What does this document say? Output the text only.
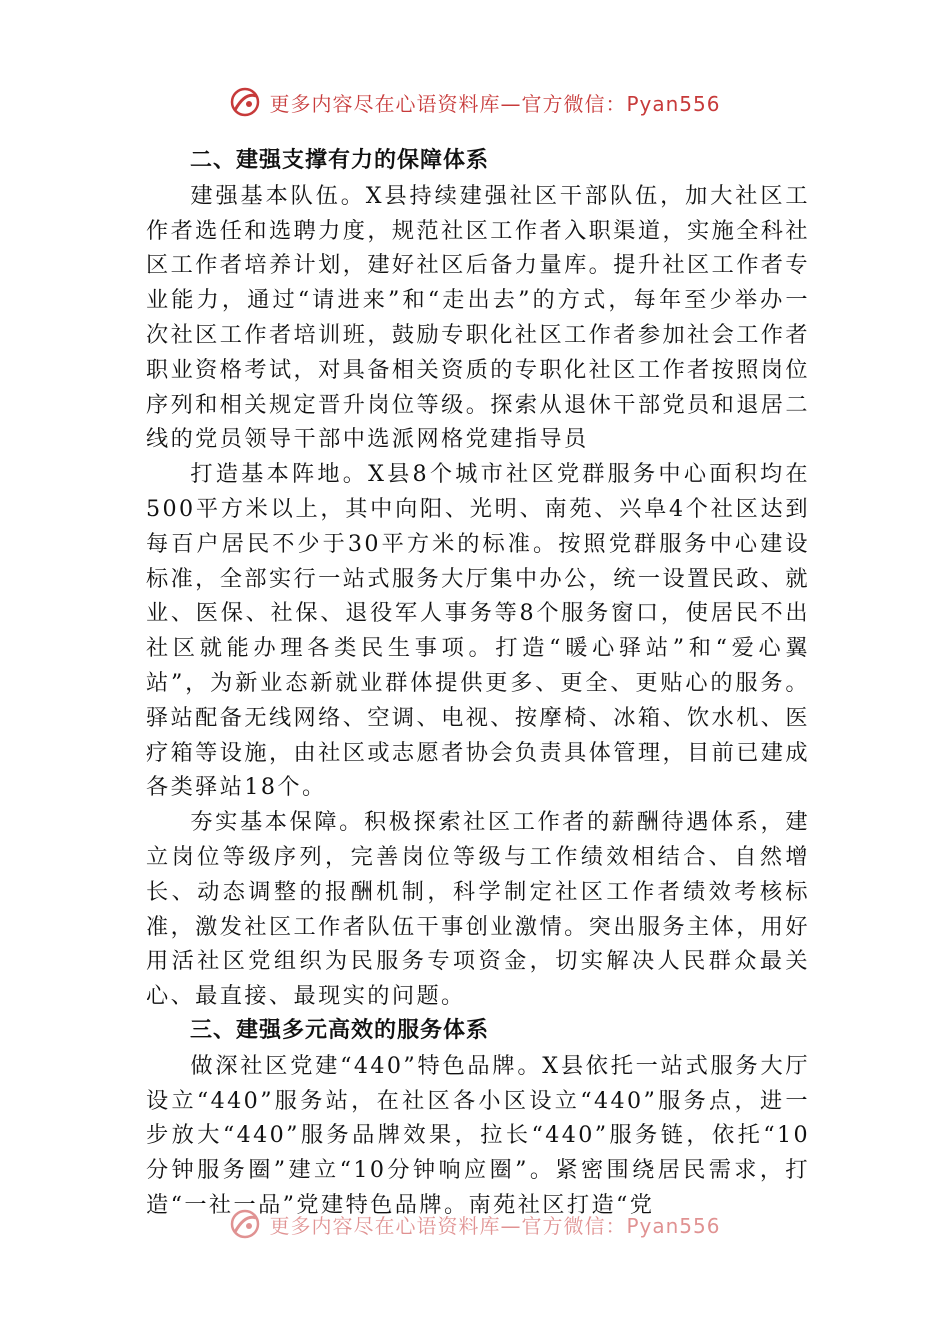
更多内容尽在心语资料库—官方微信：Pyan556
二、建强支撑有力的保障体系

建强基本队伍。X县持续建强社区干部队伍，加大社区工作者选任和选聘力度，规范社区工作者入职渠道，实施全科社区工作者培养计划，建好社区后备力量库。提升社区工作者专业能力，通过“请进来”和“走出去”的方式，每年至少举办一次社区工作者培训班，鼓励专职化社区工作者参加社会工作者职业资格考试，对具备相关资质的专职化社区工作者按照岗位序列和相关规定晋升岗位等级。探索从退休干部党员和退居二线的党员领导干部中选派网格党建指导员

打造基本阵地。X县8个城市社区党群服务中心面积均在500平方米以上，其中向阳、光明、南苑、兴阜4个社区达到每百户居民不少于30平方米的标准。按照党群服务中心建设标准，全部实行一站式服务大厅集中办公，统一设置民政、就业、医保、社保、退役军人事务等8个服务窗口，使居民不出社区就能办理各类民生事项。打造“暖心驿站”和“爱心翼站”，为新业态新就业群体提供更多、更全、更贴心的服务。驿站配备无线网络、空调、电视、按摩椅、冰箱、饮水机、医疗箱等设施，由社区或志愿者协会负责具体管理，目前已建成各类驿站18个。

夯实基本保障。积极探索社区工作者的薪酬待遇体系，建立岗位等级序列，完善岗位等级与工作绩效相结合、自然增长、动态调整的报酬机制，科学制定社区工作者绩效考核标准，激发社区工作者队伍干事创业激情。突出服务主体，用好用活社区党组织为民服务专项资金，切实解决人民群众最关心、最直接、最现实的问题。

三、建强多元高效的服务体系

做深社区党建“440”特色品牌。X县依托一站式服务大厅设立“440”服务站，在社区各小区设立“440”服务点，进一步放大“440”服务品牌效果，拉长“440”服务链，依托“10分钟服务圈”建立“10分钟响应圈”。紧密围绕居民需求，打造“一社一品”党建特色品牌。南苑社区打造“党

更多内容尽在心语资料库—官方微信：Pyan556
